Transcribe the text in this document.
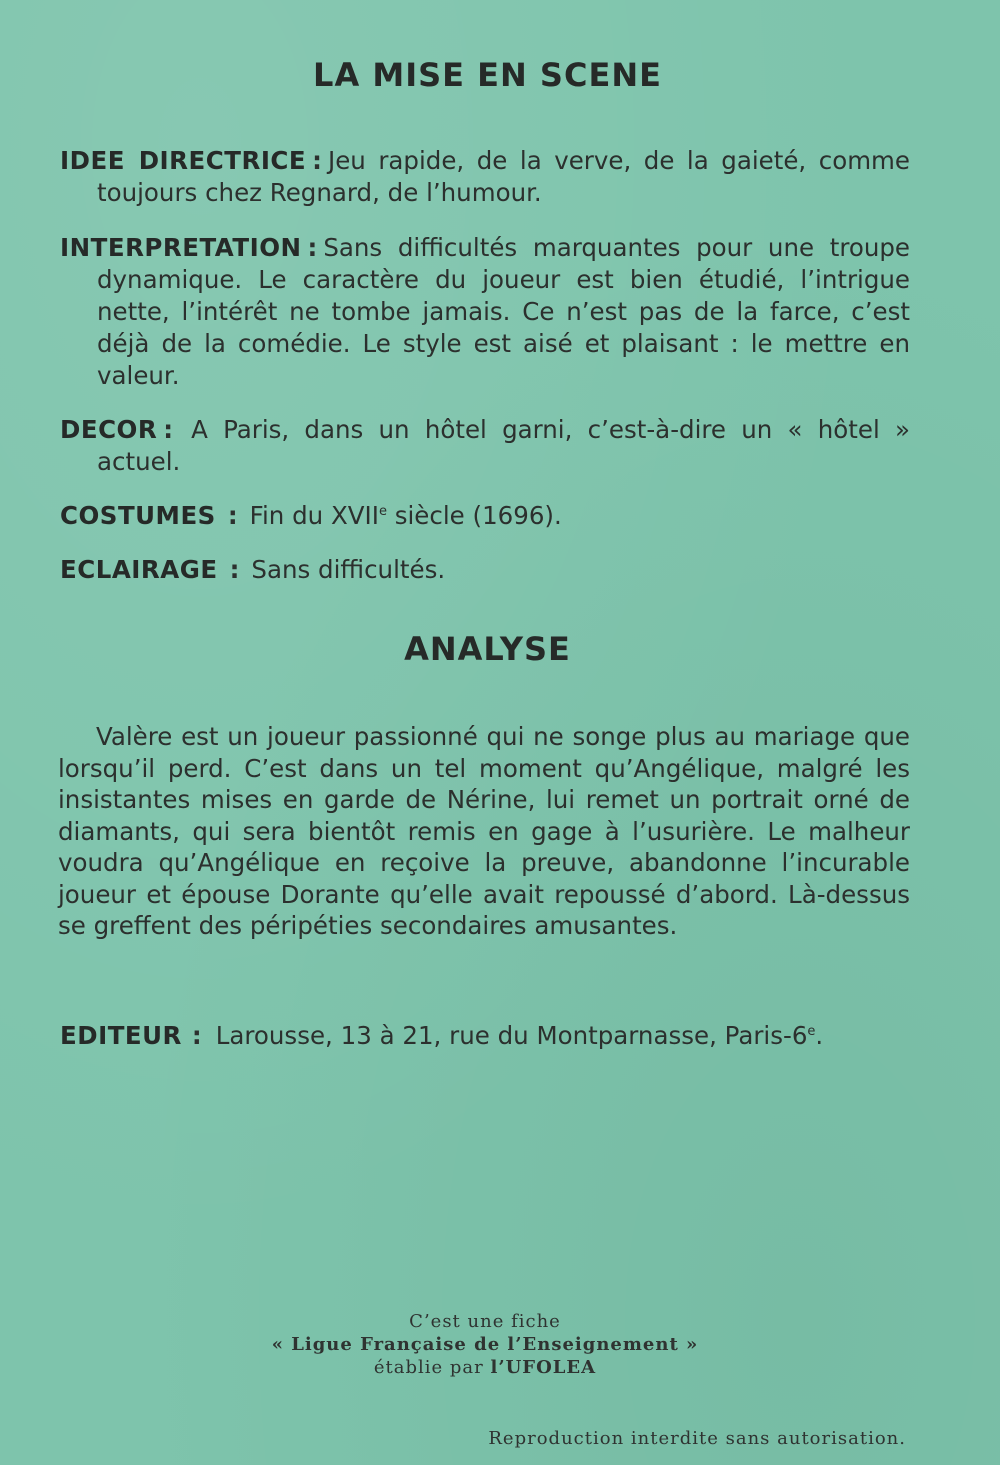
LA MISE EN SCENE
IDEE DIRECTRICE : Jeu rapide, de la verve, de la gaieté, comme toujours chez Regnard, de l’humour.
INTERPRETATION : Sans difficultés marquantes pour une troupe dynamique. Le caractère du joueur est bien étudié, l’intrigue nette, l’intérêt ne tombe jamais. Ce n’est pas de la farce, c’est déjà de la comédie. Le style est aisé et plaisant : le mettre en valeur.
DECOR : A Paris, dans un hôtel garni, c’est-à-dire un « hôtel » actuel.
COSTUMES : Fin du XVIIe siècle (1696).
ECLAIRAGE : Sans difficultés.
ANALYSE
Valère est un joueur passionné qui ne songe plus au mariage que lorsqu’il perd. C’est dans un tel moment qu’Angélique, malgré les insistantes mises en garde de Nérine, lui remet un portrait orné de diamants, qui sera bientôt remis en gage à l’usurière. Le malheur voudra qu’Angélique en reçoive la preuve, abandonne l’incurable joueur et épouse Dorante qu’elle avait repoussé d’abord. Là-dessus se greffent des péripéties secondaires amusantes.
EDITEUR : Larousse, 13 à 21, rue du Montparnasse, Paris-6e.
C’est une fiche
« Ligue Française de l’Enseignement »
établie par l’UFOLEA
Reproduction interdite sans autorisation.
